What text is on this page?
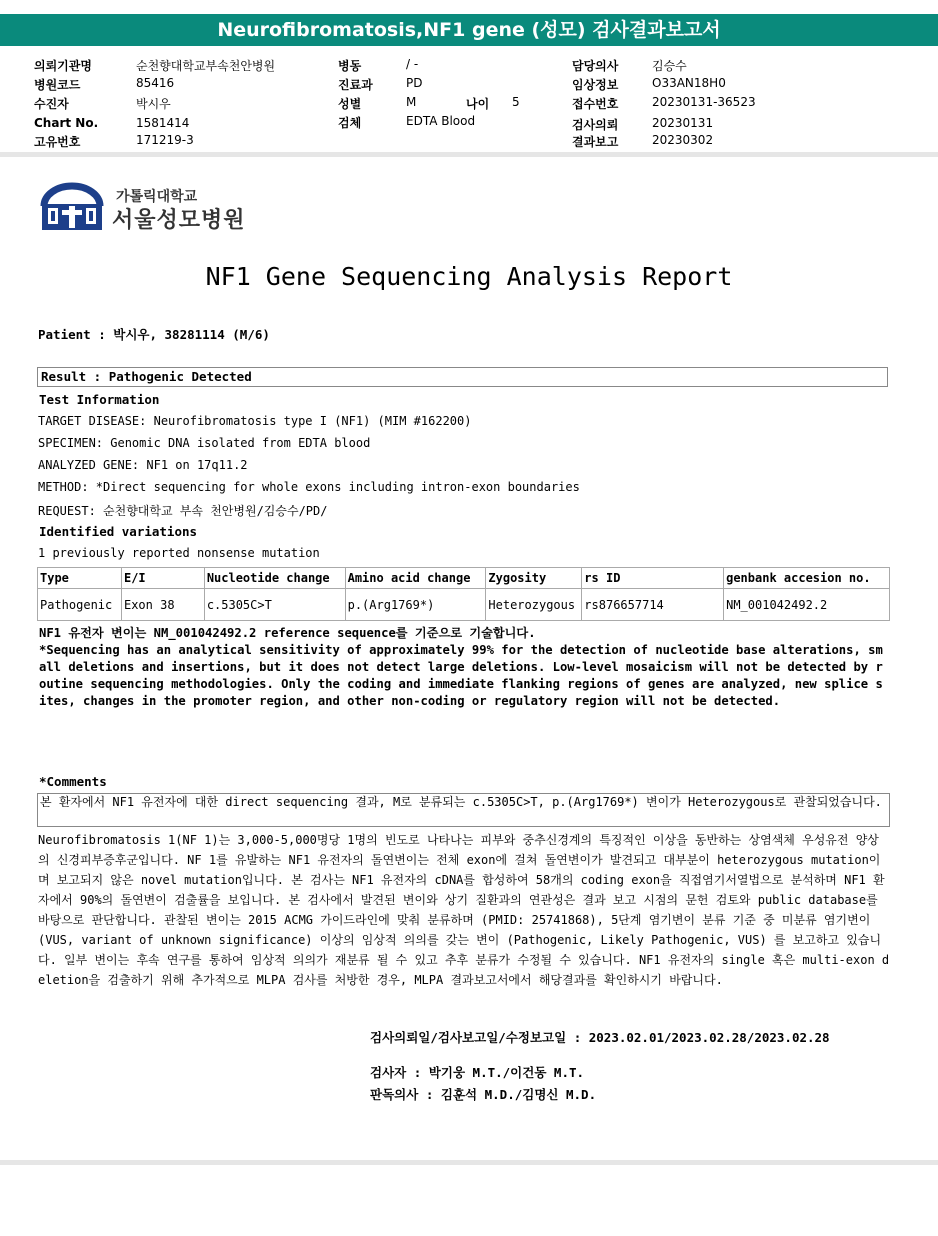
Neurofibromatosis,NF1 gene (성모) 검사결과보고서
의뢰기관명	순천향대학교부속천안병원
병원코드	85416
수진자	박시우
Chart No.	1581414
고유번호	171219-3
병동	/ -
진료과	PD
성별	M	나이 5
검체	EDTA Blood
담당의사	김승수
임상정보	O33AN18H0
접수번호	20230131-36523
검사의뢰	20230131
결과보고	20230302
가톨릭대학교
서울성모병원
NF1 Gene Sequencing Analysis Report
Patient : 박시우, 38281114 (M/6)
Result : Pathogenic Detected
Test Information
TARGET DISEASE: Neurofibromatosis type I (NF1) (MIM #162200)
SPECIMEN: Genomic DNA isolated from EDTA blood
ANALYZED GENE: NF1 on 17q11.2
METHOD: *Direct sequencing for whole exons including intron-exon boundaries
REQUEST: 순천향대학교 부속 천안병원/김승수/PD/
Identified variations
1 previously reported nonsense mutation
Type	E/I	Nucleotide change	Amino acid change	Zygosity	rs ID	genbank accesion no.
Pathogenic	Exon 38	c.5305C>T	p.(Arg1769*)	Heterozygous	rs876657714	NM_001042492.2
NF1 유전자 변이는 NM_001042492.2 reference sequence를 기준으로 기술합니다.
*Sequencing has an analytical sensitivity of approximately 99% for the detection of nucleotide base alterations, small deletions and insertions, but it does not detect large deletions. Low-level mosaicism will not be detected by routine sequencing methodologies. Only the coding and immediate flanking regions of genes are analyzed, new splice sites, changes in the promoter region, and other non-coding or regulatory region will not be detected.
*Comments
본 환자에서 NF1 유전자에 대한 direct sequencing 결과, M로 분류되는 c.5305C>T, p.(Arg1769*) 변이가 Heterozygous로 관찰되었습니다.
Neurofibromatosis 1(NF 1)는 3,000-5,000명당 1명의 빈도로 나타나는 피부와 중추신경계의 특징적인 이상을 동반하는 상염색체 우성유전 양상의 신경피부증후군입니다. NF 1를 유발하는 NF1 유전자의 돌연변이는 전체 exon에 걸쳐 돌연변이가 발견되고 대부분이 heterozygous mutation이며 보고되지 않은 novel mutation입니다. 본 검사는 NF1 유전자의 cDNA를 합성하여 58개의 coding exon을 직접염기서열법으로 분석하며 NF1 환자에서 90%의 돌연변이 검출률을 보입니다. 본 검사에서 발견된 변이와 상기 질환과의 연관성은 결과 보고 시점의 문헌 검토와 public database를 바탕으로 판단합니다. 관찰된 변이는 2015 ACMG 가이드라인에 맞춰 분류하며 (PMID: 25741868), 5단계 염기변이 분류 기준 중 미분류 염기변이 (VUS, variant of unknown significance) 이상의 임상적 의의를 갖는 변이 (Pathogenic, Likely Pathogenic, VUS) 를 보고하고 있습니다. 일부 변이는 후속 연구를 통하여 임상적 의의가 재분류 될 수 있고 추후 분류가 수정될 수 있습니다. NF1 유전자의 single 혹은 multi-exon deletion을 검출하기 위해 추가적으로 MLPA 검사를 처방한 경우, MLPA 결과보고서에서 해당결과를 확인하시기 바랍니다.
검사의뢰일/검사보고일/수정보고일 : 2023.02.01/2023.02.28/2023.02.28
검사자 : 박기웅 M.T./이건동 M.T.
판독의사 : 김훈석 M.D./김명신 M.D.
